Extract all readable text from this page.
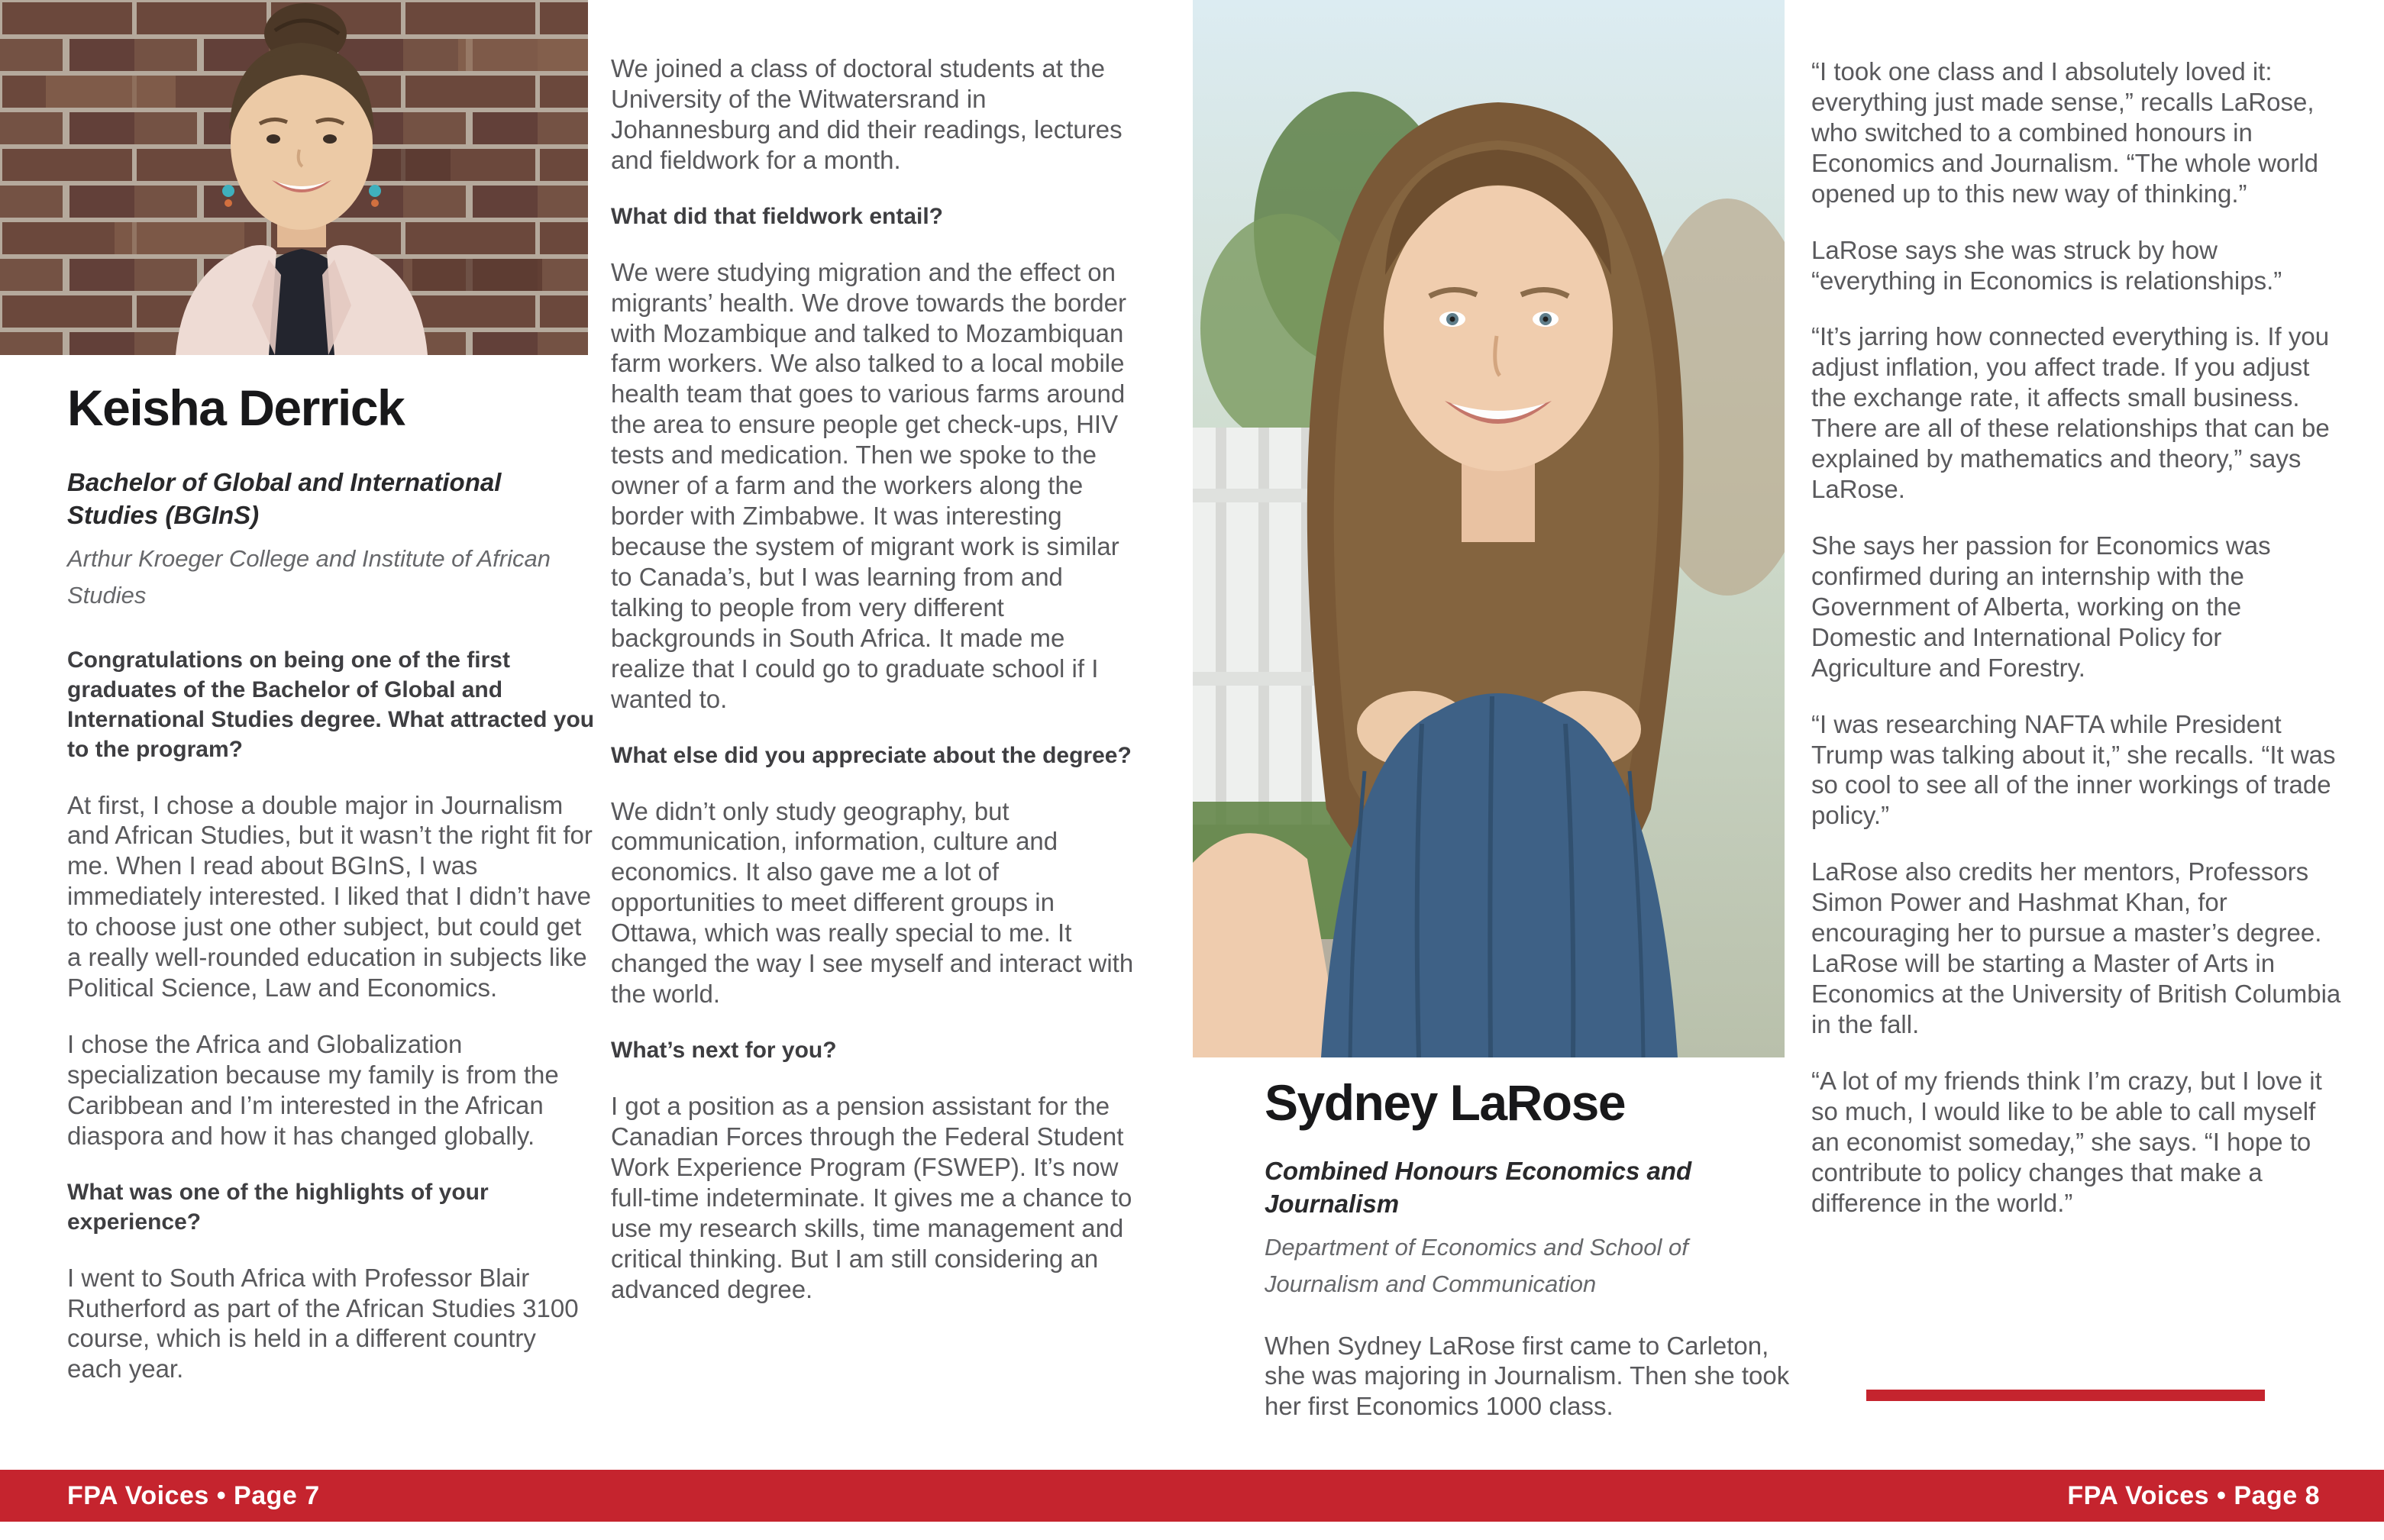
Keisha Derrick

Bachelor of Global and International Studies (BGInS)

Arthur Kroeger College and Institute of African Studies

Congratulations on being one of the first graduates of the Bachelor of Global and International Studies degree. What attracted you to the program?

At first, I chose a double major in Journalism and African Studies, but it wasn’t the right fit for me. When I read about BGInS, I was immediately interested. I liked that I didn’t have to choose just one other subject, but could get a really well-rounded education in subjects like Political Science, Law and Economics.

I chose the Africa and Globalization specialization because my family is from the Caribbean and I’m interested in the African diaspora and how it has changed globally.

What was one of the highlights of your experience?

I went to South Africa with Professor Blair Rutherford as part of the African Studies 3100 course, which is held in a different country each year.

We joined a class of doctoral students at the University of the Witwatersrand in Johannesburg and did their readings, lectures and fieldwork for a month.

What did that fieldwork entail?

We were studying migration and the effect on migrants’ health. We drove towards the border with Mozambique and talked to Mozambiquan farm workers. We also talked to a local mobile health team that goes to various farms around the area to ensure people get check-ups, HIV tests and medication. Then we spoke to the owner of a farm and the workers along the border with Zimbabwe. It was interesting because the system of migrant work is similar to Canada’s, but I was learning from and talking to people from very different backgrounds in South Africa. It made me realize that I could go to graduate school if I wanted to.

What else did you appreciate about the degree?

We didn’t only study geography, but communication, information, culture and economics. It also gave me a lot of opportunities to meet different groups in Ottawa, which was really special to me. It changed the way I see myself and interact with the world.

What’s next for you?

I got a position as a pension assistant for the Canadian Forces through the Federal Student Work Experience Program (FSWEP). It’s now full-time indeterminate. It gives me a chance to use my research skills, time management and critical thinking. But I am still considering an advanced degree.

Sydney LaRose

Combined Honours Economics and Journalism

Department of Economics and School of Journalism and Communication

When Sydney LaRose first came to Carleton, she was majoring in Journalism. Then she took her first Economics 1000 class.

“I took one class and I absolutely loved it: everything just made sense,” recalls LaRose, who switched to a combined honours in Economics and Journalism. “The whole world opened up to this new way of thinking.”

LaRose says she was struck by how “everything in Economics is relationships.”

“It’s jarring how connected everything is. If you adjust inflation, you affect trade. If you adjust the exchange rate, it affects small business. There are all of these relationships that can be explained by mathematics and theory,” says LaRose.

She says her passion for Economics was confirmed during an internship with the Government of Alberta, working on the Domestic and International Policy for Agriculture and Forestry.

“I was researching NAFTA while President Trump was talking about it,” she recalls. “It was so cool to see all of the inner workings of trade policy.”

LaRose also credits her mentors, Professors Simon Power and Hashmat Khan, for encouraging her to pursue a master’s degree. LaRose will be starting a Master of Arts in Economics at the University of British Columbia in the fall.

“A lot of my friends think I’m crazy, but I love it so much, I would like to be able to call myself an economist someday,” she says. “I hope to contribute to policy changes that make a difference in the world.”

FPA Voices • Page 7	FPA Voices • Page 8
